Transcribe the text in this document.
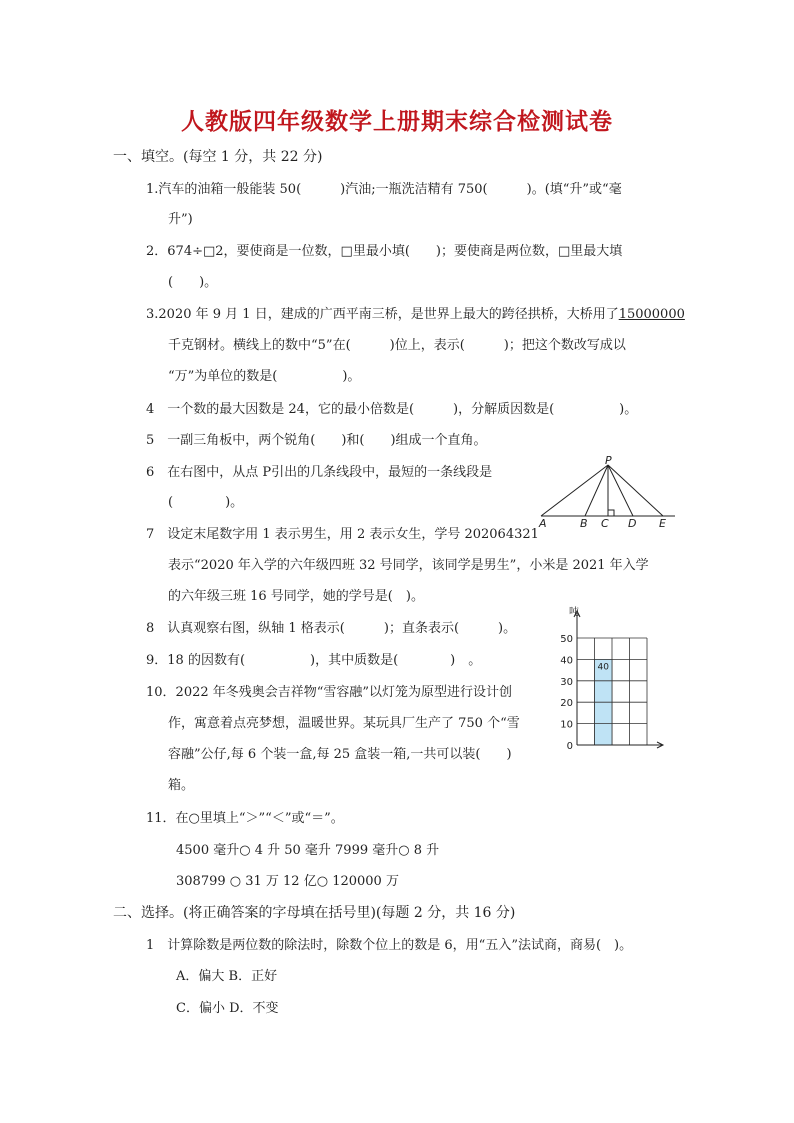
人教版四年级数学上册期末综合检测试卷
一、填空。(每空 1 分，共 22 分)
1.汽车的油箱一般能装 50(　　　)汽油;一瓶洗洁精有 750(　　　)。(填“升”或“毫
升”)
2．674÷□2，要使商是一位数，□里最小填(　　)；要使商是两位数，□里最大填
(　　)。
3.2020 年 9 月 1 日，建成的广西平南三桥，是世界上最大的跨径拱桥，大桥用了15000000
千克钢材。横线上的数中“5”在(　　　)位上，表示(　　　)；把这个数改写成以
“万”为单位的数是(　　　　　)。
4　一个数的最大因数是 24，它的最小倍数是(　　　)，分解质因数是(　　　　　)。
5　一副三角板中，两个锐角(　　)和(　　)组成一个直角。
6　在右图中，从点 P引出的几条线段中，最短的一条线段是
(　　　　)。
7　设定末尾数字用 1 表示男生，用 2 表示女生，学号 202064321
表示“2020 年入学的六年级四班 32 号同学，该同学是男生”，小米是 2021 年入学
的六年级三班 16 号同学，她的学号是(　)。
8　认真观察右图，纵轴 1 格表示(　　　)；直条表示(　　　)。
9．18 的因数有(　　　　　)，其中质数是(　　　　)　。
10．2022 年冬残奥会吉祥物“雪容融”以灯笼为原型进行设计创
作，寓意着点亮梦想，温暖世界。某玩具厂生产了 750 个“雪
容融”公仔,每 6 个装一盒,每 25 盒装一箱,一共可以装(　　)
箱。
11．在○里填上“＞”“＜”或“＝”。
4500 毫升○ 4 升 50 毫升 7999 毫升○ 8 升
308799 ○ 31 万 12 亿○ 120000 万
二、选择。(将正确答案的字母填在括号里)(每题 2 分，共 16 分)
1　计算除数是两位数的除法时，除数个位上的数是 6，用“五入”法试商，商易(　)。
A．偏大 B．正好
C．偏小 D．不变
P
A	B C D E
40
0
10
20
30
40
50
吨
